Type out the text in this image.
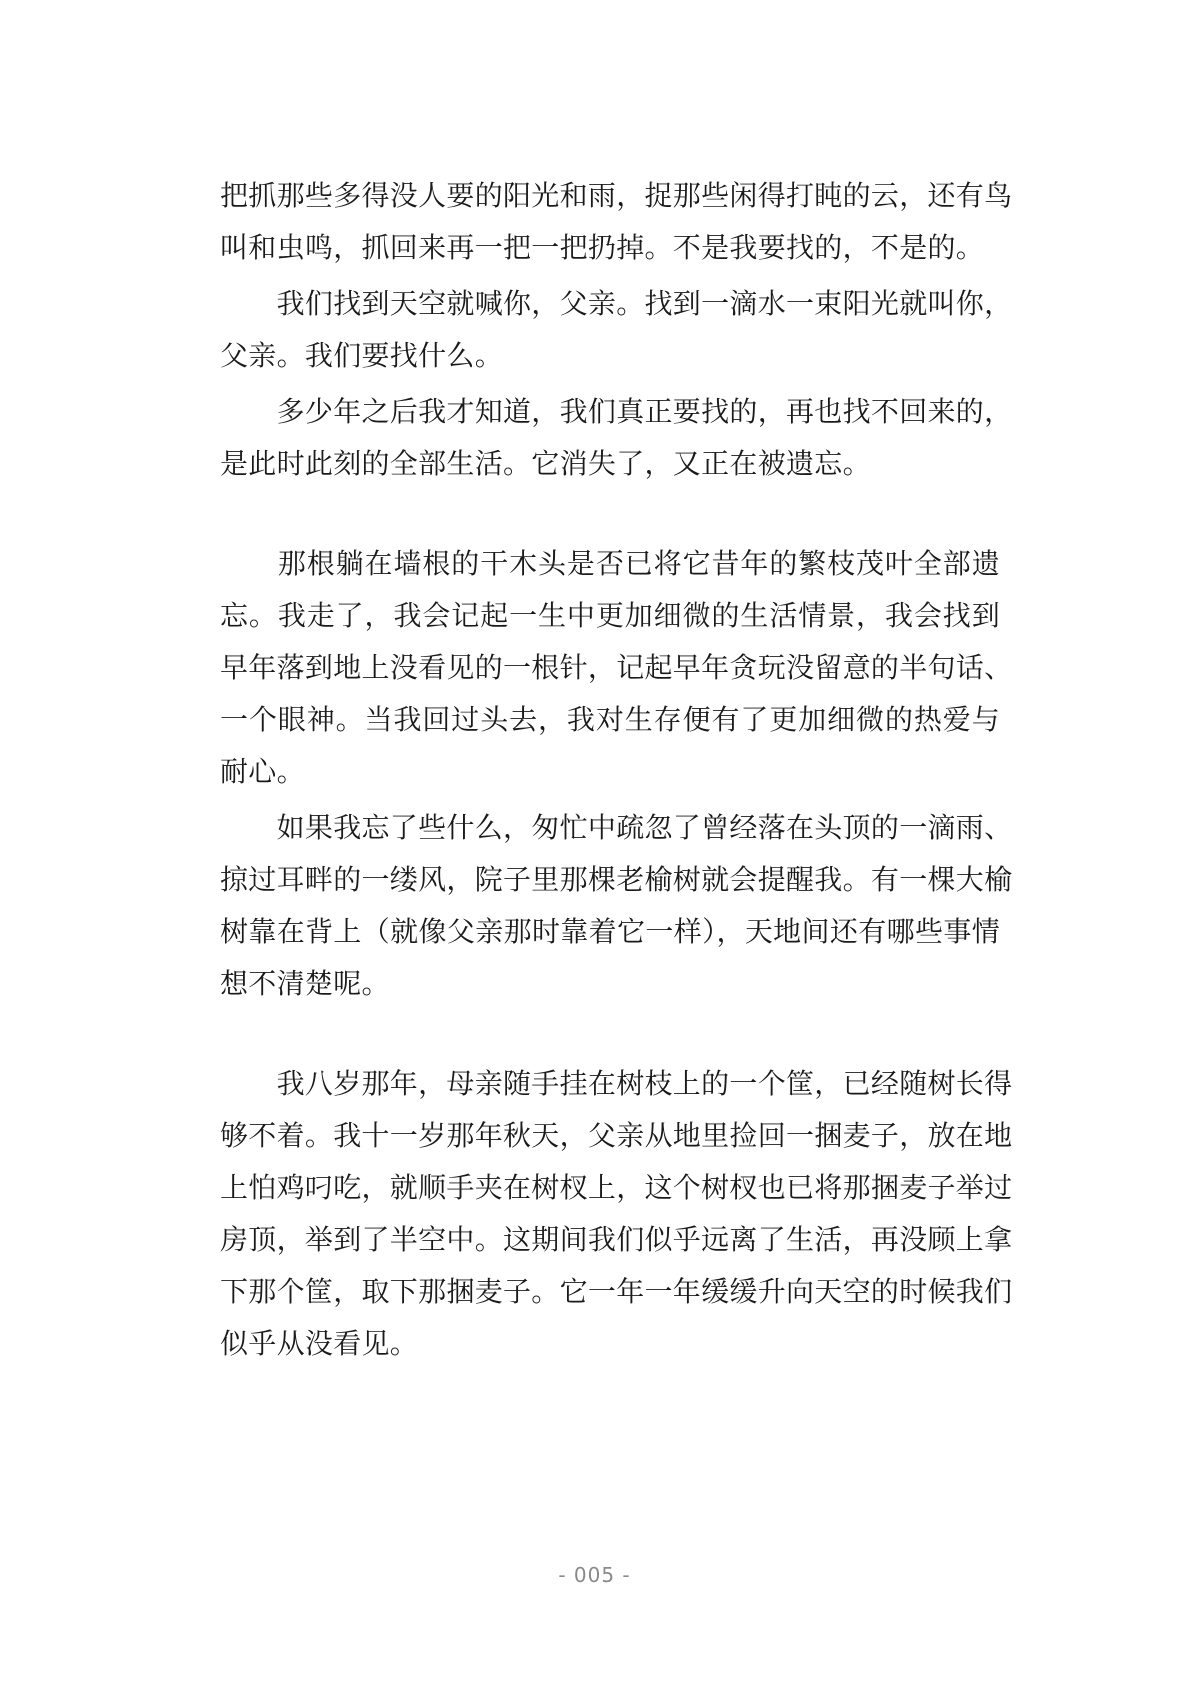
把抓那些多得没人要的阳光和雨，捉那些闲得打盹的云，还有鸟
叫和虫鸣，抓回来再一把一把扔掉。不是我要找的，不是的。
　　我们找到天空就喊你，父亲。找到一滴水一束阳光就叫你，
父亲。我们要找什么。
　　多少年之后我才知道，我们真正要找的，再也找不回来的，
是此时此刻的全部生活。它消失了，又正在被遗忘。
　　那根躺在墙根的干木头是否已将它昔年的繁枝茂叶全部遗
忘。我走了，我会记起一生中更加细微的生活情景，我会找到
早年落到地上没看见的一根针，记起早年贪玩没留意的半句话、
一个眼神。当我回过头去，我对生存便有了更加细微的热爱与
耐心。
　　如果我忘了些什么，匆忙中疏忽了曾经落在头顶的一滴雨、
掠过耳畔的一缕风，院子里那棵老榆树就会提醒我。有一棵大榆
树靠在背上（就像父亲那时靠着它一样），天地间还有哪些事情
想不清楚呢。
　　我八岁那年，母亲随手挂在树枝上的一个筐，已经随树长得
够不着。我十一岁那年秋天，父亲从地里捡回一捆麦子，放在地
上怕鸡叼吃，就顺手夹在树杈上，这个树杈也已将那捆麦子举过
房顶，举到了半空中。这期间我们似乎远离了生活，再没顾上拿
下那个筐，取下那捆麦子。它一年一年缓缓升向天空的时候我们
似乎从没看见。
- 005 -
